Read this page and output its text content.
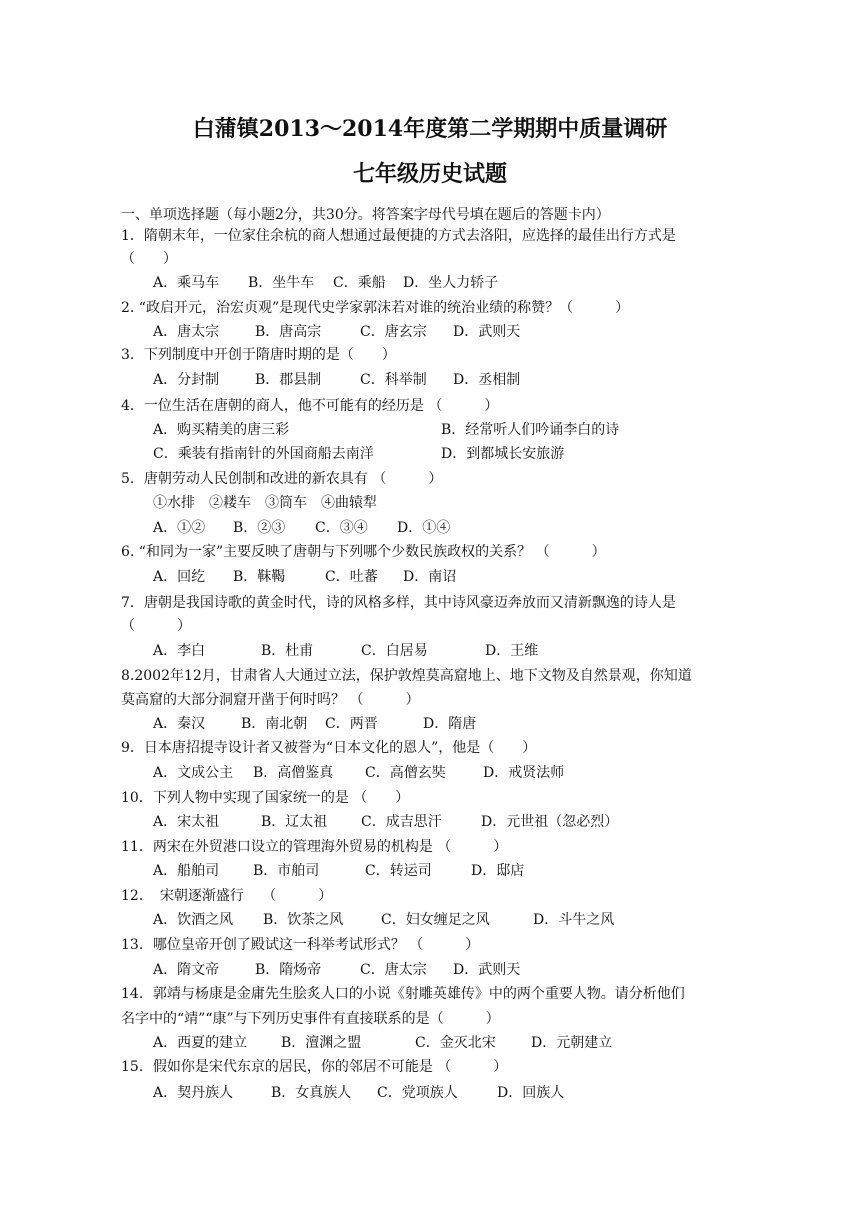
白蒲镇2013～2014年度第二学期期中质量调研
七年级历史试题
一、单项选择题（每小题2分，共30分。将答案字母代号填在题后的答题卡内）
1．隋朝末年，一位家住余杭的商人想通过最便捷的方式去洛阳，应选择的最佳出行方式是
（　　）
A．乘马车 B．坐牛车 C．乘船 D．坐人力轿子
2. “政启开元，治宏贞观”是现代史学家郭沫若对谁的统治业绩的称赞？（　　　）
A．唐太宗	B．唐高宗	C．唐玄宗 D．武则天
3．下列制度中开创于隋唐时期的是（　　）
A．分封制	B．郡县制	C．科举制 D．丞相制
4．一位生活在唐朝的商人，他不可能有的经历是 （　　　）
A．购买精美的唐三彩	B．经常听人们吟诵李白的诗
C．乘装有指南针的外国商船去南洋	D．到都城长安旅游
5．唐朝劳动人民创制和改进的新农具有 （　　　）
①水排　②耧车　③筒车　④曲辕犁
A．①② B．②③ C．③④ D．①④
6. “和同为一家”主要反映了唐朝与下列哪个少数民族政权的关系？ （　　　）
A．回纥 B．靺鞨	C．吐蕃 D．南诏
7．唐朝是我国诗歌的黄金时代，诗的风格多样，其中诗风豪迈奔放而又清新飘逸的诗人是
（　　　）
A．李白	B．杜甫	C．白居易	D．王维
8.2002年12月，甘肃省人大通过立法，保护敦煌莫高窟地上、地下文物及自然景观，你知道
莫高窟的大部分洞窟开凿于何时吗？ （　　　）
A．秦汉	B．南北朝 C．两晋	D．隋唐
9．日本唐招提寺设计者又被誉为“日本文化的恩人”，他是（　　）
A．文成公主 B．高僧鉴真 C．高僧玄奘	D．戒贤法师
10．下列人物中实现了国家统一的是 （　　）
A．宋太祖	B．辽太祖 C．成吉思汗	D．元世祖（忽必烈）
11．两宋在外贸港口设立的管理海外贸易的机构是 （　　　）
A．船舶司 B．市舶司	C．转运司	D．邸店
12．　宋朝逐渐盛行　 （　　　）
A．饮酒之风 B．饮茶之风	C．妇女缠足之风	D．斗牛之风
13．哪位皇帝开创了殿试这一科举考试形式？ （　　　）
A．隋文帝	B．隋炀帝	C．唐太宗 D．武则天
14．郭靖与杨康是金庸先生脍炙人口的小说《射雕英雄传》中的两个重要人物。请分析他们
名字中的“靖”“康”与下列历史事件有直接联系的是（　　　）
A．西夏的建立 B．澶渊之盟	C．金灭北宋	D．元朝建立
15．假如你是宋代东京的居民，你的邻居不可能是 （　　　）
A．契丹族人	B．女真族人 C．党项族人	D．回族人
